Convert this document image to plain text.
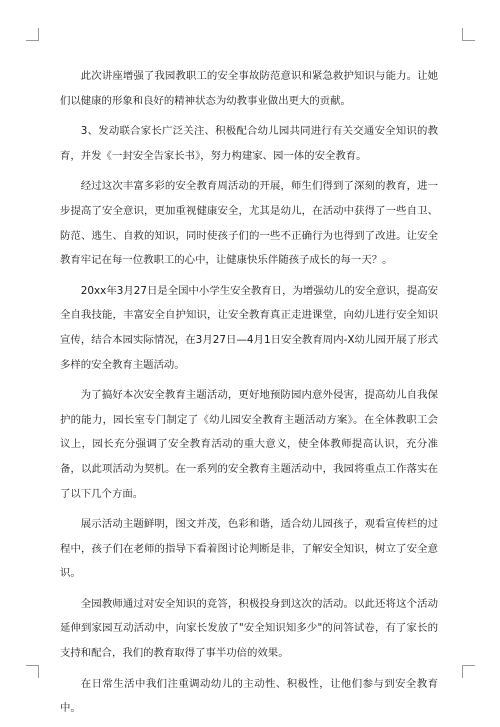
此次讲座增强了我园教职工的安全事故防范意识和紧急救护知识与能力。让她们以健康的形象和良好的精神状态为幼教事业做出更大的贡献。

3、发动联合家长广泛关注、积极配合幼儿园共同进行有关交通安全知识的教育，并发《一封安全告家长书》，努力构建家、园一体的安全教育。

经过这次丰富多彩的安全教育周活动的开展，师生们得到了深刻的教育，进一步提高了安全意识，更加重视健康安全，尤其是幼儿，在活动中获得了一些自卫、防范、逃生、自救的知识，同时使孩子们的一些不正确行为也得到了改进。让安全教育牢记在每一位教职工的心中，让健康快乐伴随孩子成长的每一天？。

20xx年3月27日是全国中小学生安全教育日，为增强幼儿的安全意识，提高安全自我技能，丰富安全自护知识，让安全教育真正走进课堂，向幼儿进行安全知识宣传，结合本园实际情况，在3月27日—4月1日安全教育周内-X幼儿园开展了形式多样的安全教育主题活动。

为了搞好本次安全教育主题活动，更好地预防园内意外侵害，提高幼儿自我保护的能力，园长室专门制定了《幼儿园安全教育主题活动方案》。在全体教职工会议上，园长充分强调了安全教育活动的重大意义，使全体教师提高认识，充分准备，以此项活动为契机。在一系列的安全教育主题活动中，我园将重点工作落实在了以下几个方面。

展示活动主题鲜明，图文并茂，色彩和谐，适合幼儿园孩子，观看宣传栏的过程中，孩子们在老师的指导下看着图讨论判断是非，了解安全知识，树立了安全意识。

全园教师通过对安全知识的竞答，积极投身到这次的活动。以此还将这个活动延伸到家园互动活动中，向家长发放了"安全知识知多少"的问答试卷，有了家长的支持和配合，我们的教育取得了事半功倍的效果。

在日常生活中我们注重调动幼儿的主动性、积极性，让他们参与到安全教育中。
